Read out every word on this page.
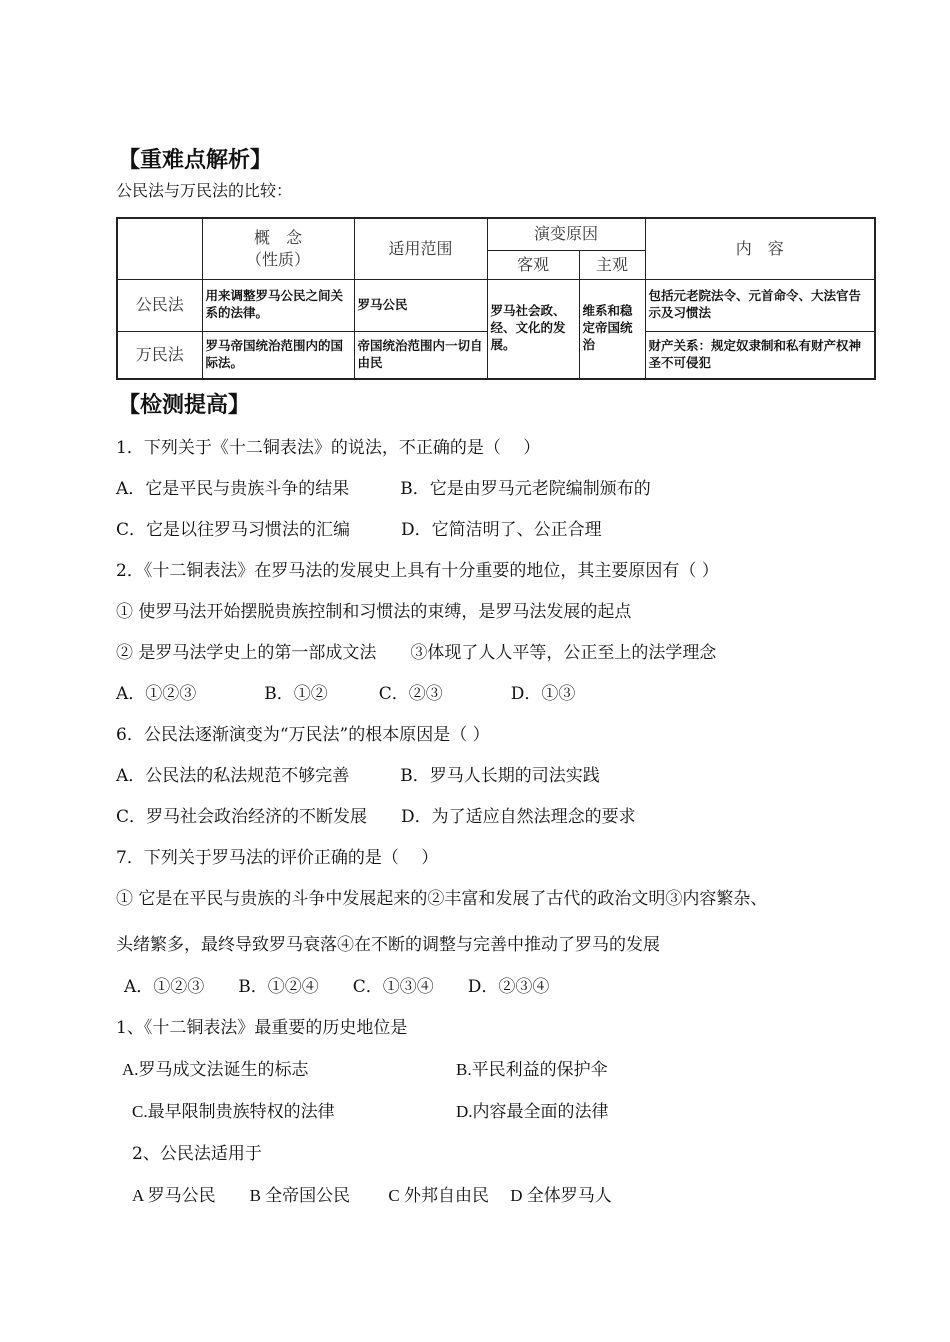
【重难点解析】
公民法与万民法的比较：

	概　念
（性质）	适用范围	演变原因		内　容
			客观	主观	
公民法	用来调整罗马公民之间关系的法律。	罗马公民	罗马社会政、经、文化的发展。	维系和稳定帝国统治	包括元老院法令、元首命令、大法官告示及习惯法
万民法	罗马帝国统治范围内的国际法。	帝国统治范围内一切自由民			财产关系：规定奴隶制和私有财产权神圣不可侵犯
【检测提高】
1．下列关于《十二铜表法》的说法，不正确的是（　 ）
A．它是平民与贵族斗争的结果　　　B．它是由罗马元老院编制颁布的
C．它是以往罗马习惯法的汇编　　　D．它简洁明了、公正合理
2．《十二铜表法》在罗马法的发展史上具有十分重要的地位，其主要原因有（ ）
① 使罗马法开始摆脱贵族控制和习惯法的束缚，是罗马法发展的起点
② 是罗马法学史上的第一部成文法　　③体现了人人平等，公正至上的法学理念
A．①②③　　　　B．①②　　　C．②③　　　　D．①③
6．公民法逐渐演变为“万民法”的根本原因是（ ）
A．公民法的私法规范不够完善　　　B．罗马人长期的司法实践
C．罗马社会政治经济的不断发展　　D．为了适应自然法理念的要求
7．下列关于罗马法的评价正确的是（　 ）
① 它是在平民与贵族的斗争中发展起来的②丰富和发展了古代的政治文明③内容繁杂、
头绪繁多，最终导致罗马衰落④在不断的调整与完善中推动了罗马的发展
A．①②③　　B．①②④　　C．①③④　　D．②③④
1、《十二铜表法》最重要的历史地位是
A.罗马成文法诞生的标志	B.平民利益的保护伞
C.最早限制贵族特权的法律	D.内容最全面的法律
2、公民法适用于
A 罗马公民　　B 全帝国公民　　 C 外邦自由民　 D 全体罗马人
